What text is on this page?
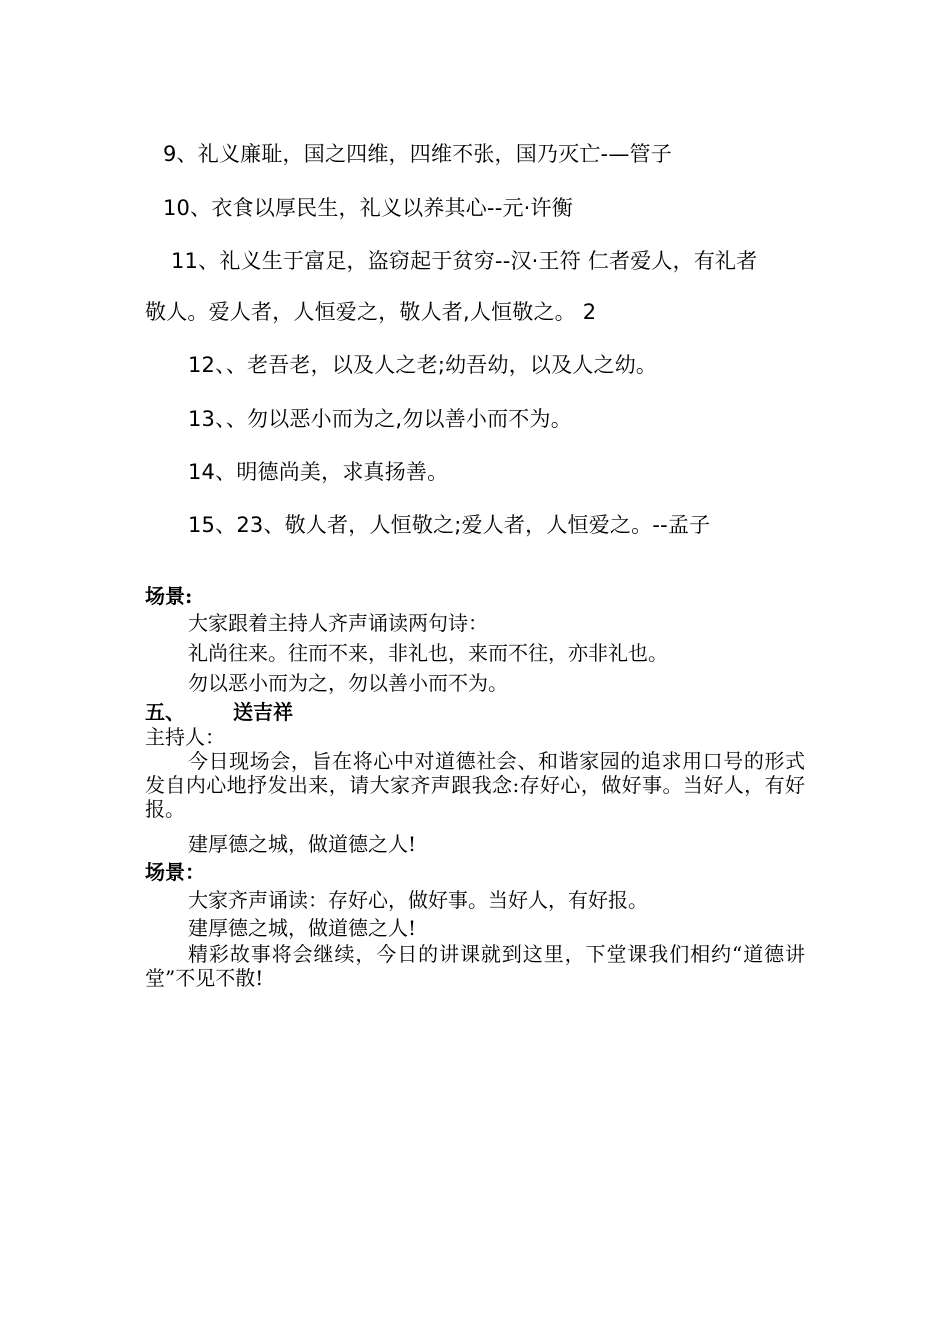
9、礼义廉耻，国之四维，四维不张，国乃灭亡-—管子
10、衣食以厚民生，礼义以养其心--元·许衡
11、礼义生于富足，盗窃起于贫穷--汉·王符 仁者爱人，有礼者
敬人。爱人者，人恒爱之，敬人者,人恒敬之。 2
12、、老吾老，以及人之老;幼吾幼，以及人之幼。
13、、勿以恶小而为之,勿以善小而不为。
14、明德尚美，求真扬善。
15、23、敬人者，人恒敬之;爱人者，人恒爱之。--孟子
场景:
大家跟着主持人齐声诵读两句诗：
礼尚往来。往而不来，非礼也，来而不往，亦非礼也。
勿以恶小而为之，勿以善小而不为。
五、 送吉祥
主持人：
今日现场会，旨在将心中对道德社会、和谐家园的追求用口号的形式发自内心地抒发出来，请大家齐声跟我念:存好心，做好事。当好人，有好报。
建厚德之城，做道德之人!
场景：
大家齐声诵读：存好心，做好事。当好人，有好报。
建厚德之城，做道德之人!
精彩故事将会继续，今日的讲课就到这里，下堂课我们相约“道德讲堂”不见不散!
